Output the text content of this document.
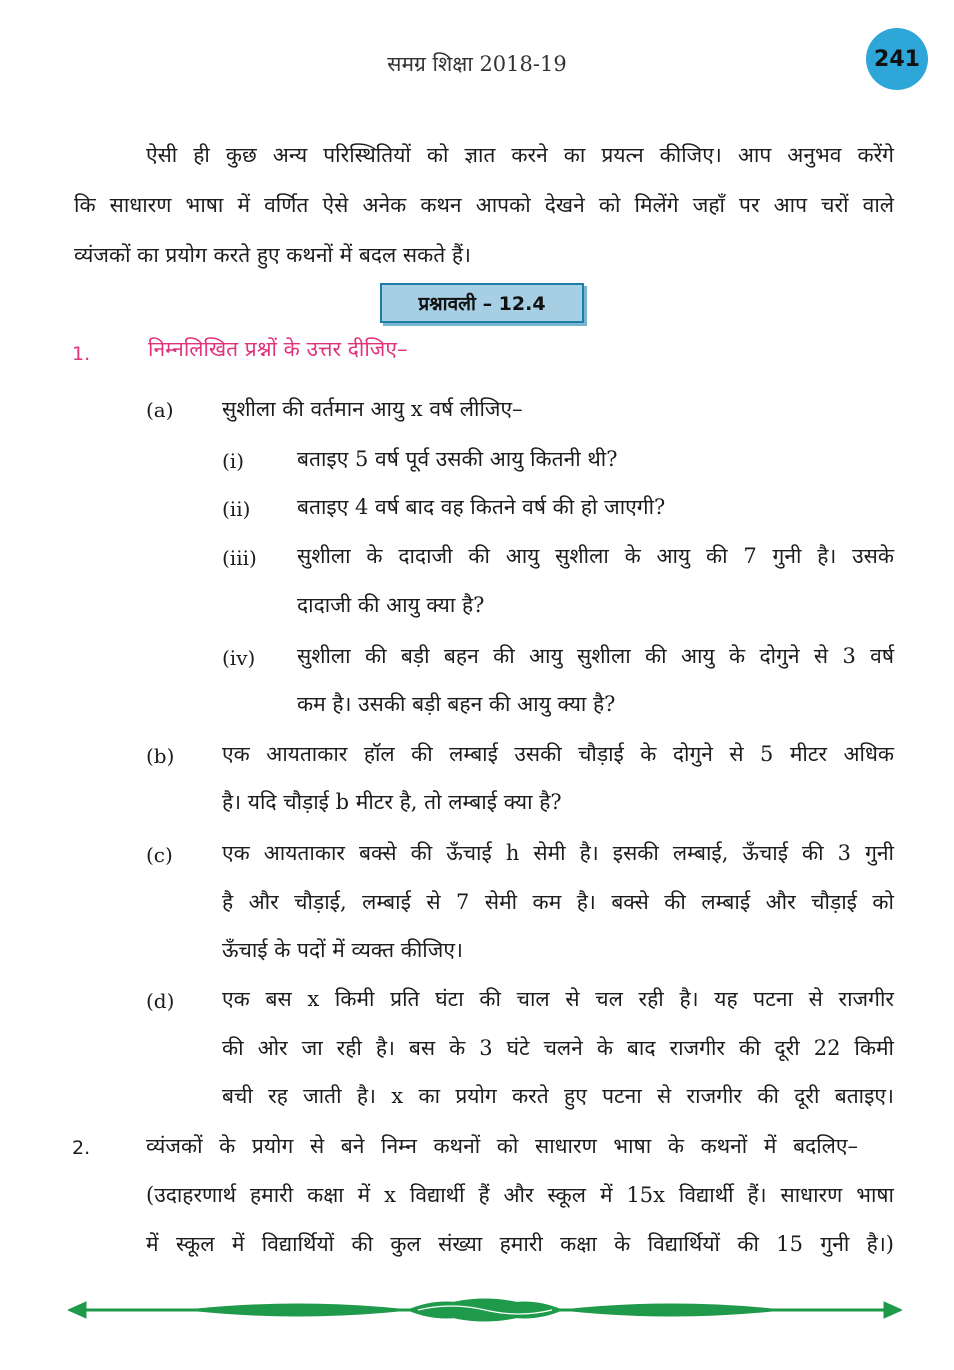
समग्र शिक्षा 2018-19	241
ऐसी ही कुछ अन्य परिस्थितियों को ज्ञात करने का प्रयत्न कीजिए। आप अनुभव करेंगे
कि साधारण भाषा में वर्णित ऐसे अनेक कथन आपको देखने को मिलेंगे जहाँ पर आप चरों वाले
व्यंजकों का प्रयोग करते हुए कथनों में बदल सकते हैं।
प्रश्नावली – 12.4
1.	निम्नलिखित प्रश्नों के उत्तर दीजिए–
(a) सुशीला की वर्तमान आयु x वर्ष लीजिए–
(i)	बताइए 5 वर्ष पूर्व उसकी आयु कितनी थी?
(ii) बताइए 4 वर्ष बाद वह कितने वर्ष की हो जाएगी?
(iii) सुशीला के दादाजी की आयु सुशीला के आयु की 7 गुनी है। उसके
दादाजी की आयु क्या है?
(iv) सुशीला की बड़ी बहन की आयु सुशीला की आयु के दोगुने से 3 वर्ष
कम है। उसकी बड़ी बहन की आयु क्या है?
(b) एक आयताकार हॉल की लम्बाई उसकी चौड़ाई के दोगुने से 5 मीटर अधिक
है। यदि चौड़ाई b मीटर है, तो लम्बाई क्या है?
(c) एक आयताकार बक्से की ऊँचाई h सेमी है। इसकी लम्बाई, ऊँचाई की 3 गुनी
है और चौड़ाई, लम्बाई से 7 सेमी कम है। बक्से की लम्बाई और चौड़ाई को
ऊँचाई के पदों में व्यक्त कीजिए।
(d) एक बस x किमी प्रति घंटा की चाल से चल रही है। यह पटना से राजगीर
की ओर जा रही है। बस के 3 घंटे चलने के बाद राजगीर की दूरी 22 किमी
बची रह जाती है। x का प्रयोग करते हुए पटना से राजगीर की दूरी बताइए।
2.	व्यंजकों के प्रयोग से बने निम्न कथनों को साधारण भाषा के कथनों में बदलिए–
(उदाहरणार्थ हमारी कक्षा में x विद्यार्थी हैं और स्कूल में 15x विद्यार्थी हैं। साधारण भाषा
में स्कूल में विद्यार्थियों की कुल संख्या हमारी कक्षा के विद्यार्थियों की 15 गुनी है।)
